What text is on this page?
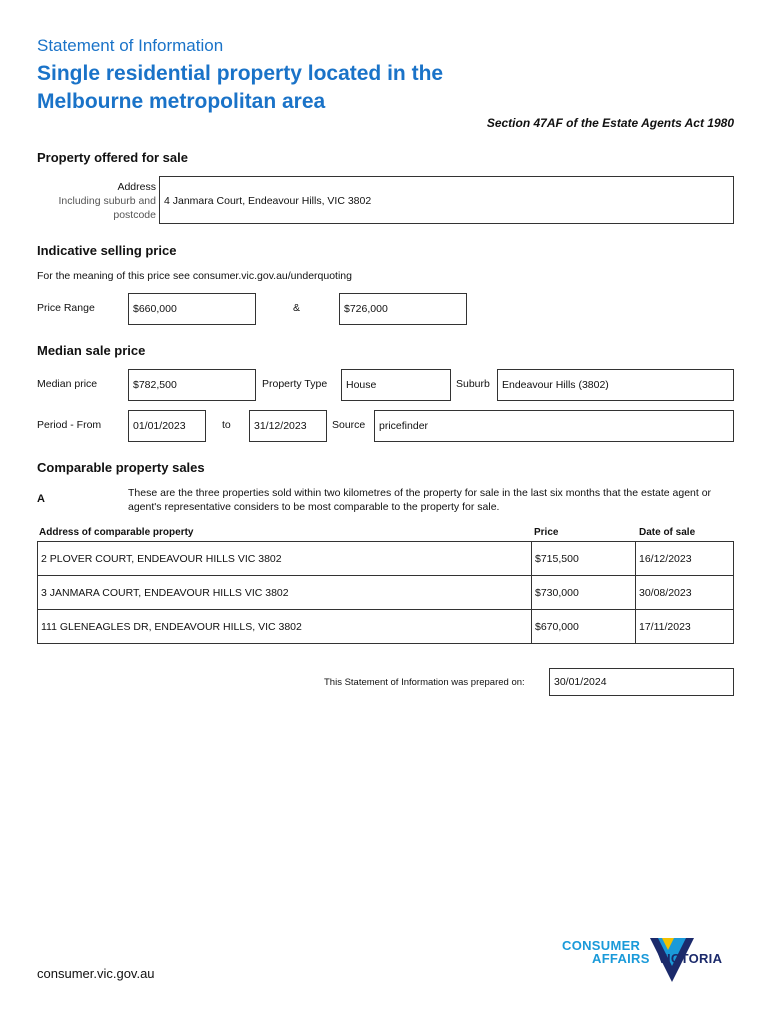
Statement of Information
Single residential property located in the Melbourne metropolitan area
Section 47AF of the Estate Agents Act 1980
Property offered for sale
Address
Including suburb and postcode
4 Janmara Court, Endeavour Hills, VIC 3802
Indicative selling price
For the meaning of this price see consumer.vic.gov.au/underquoting
Price Range	$660,000	&	$726,000
Median sale price
Median price	$782,500	Property Type House	Suburb Endeavour Hills (3802)
Period - From	01/01/2023	to 31/12/2023 Source pricefinder
Comparable property sales
A	These are the three properties sold within two kilometres of the property for sale in the last six months that the estate agent or agent's representative considers to be most comparable to the property for sale.
Address of comparable property	Price	Date of sale
2 PLOVER COURT, ENDEAVOUR HILLS VIC 3802	$715,500	16/12/2023
3 JANMARA COURT, ENDEAVOUR HILLS VIC 3802	$730,000	30/08/2023
111 GLENEAGLES DR, ENDEAVOUR HILLS, VIC 3802	$670,000	17/11/2023
This Statement of Information was prepared on:	30/01/2024
consumer.vic.gov.au
CONSUMER
AFFAIRS VICTORIA
